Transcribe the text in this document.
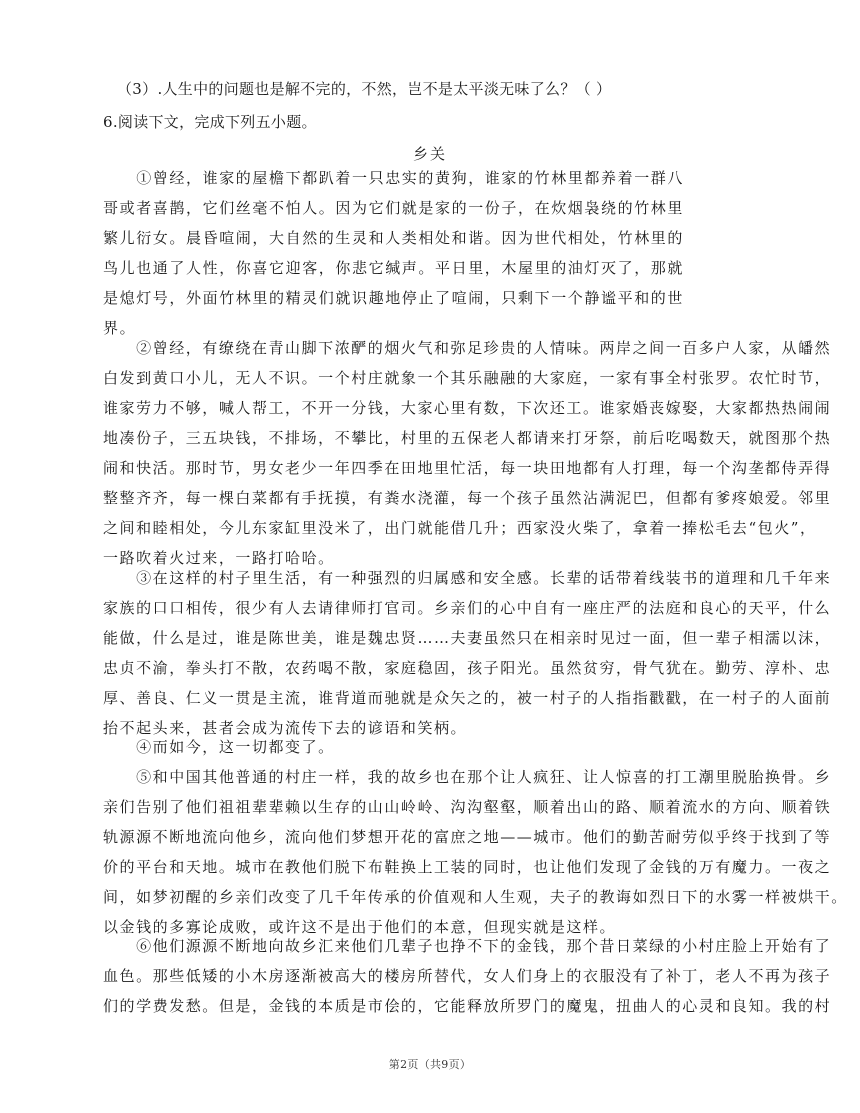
（3）.人生中的问题也是解不完的，不然，岂不是太平淡无味了么？（ ）
6.阅读下文，完成下列五小题。
乡关
　　①曾经，谁家的屋檐下都趴着一只忠实的黄狗，谁家的竹林里都养着一群八
哥或者喜鹊，它们丝毫不怕人。因为它们就是家的一份子，在炊烟袅绕的竹林里
繁儿衍女。晨昏喧闹，大自然的生灵和人类相处和谐。因为世代相处，竹林里的
鸟儿也通了人性，你喜它迎客，你悲它缄声。平日里，木屋里的油灯灭了，那就
是熄灯号，外面竹林里的精灵们就识趣地停止了喧闹，只剩下一个静谧平和的世
界。
　　②曾经，有缭绕在青山脚下浓酽的烟火气和弥足珍贵的人情味。两岸之间一百多户人家，从皤然
白发到黄口小儿，无人不识。一个村庄就象一个其乐融融的大家庭，一家有事全村张罗。农忙时节，
谁家劳力不够，喊人帮工，不开一分钱，大家心里有数，下次还工。谁家婚丧嫁娶，大家都热热闹闹
地凑份子，三五块钱，不排场，不攀比，村里的五保老人都请来打牙祭，前后吃喝数天，就图那个热
闹和快活。那时节，男女老少一年四季在田地里忙活，每一块田地都有人打理，每一个沟垄都侍弄得
整整齐齐，每一棵白菜都有手抚摸，有粪水浇灌，每一个孩子虽然沾满泥巴，但都有爹疼娘爱。邻里
之间和睦相处，今儿东家缸里没米了，出门就能借几升；西家没火柴了，拿着一捧松毛去“包火”，
一路吹着火过来，一路打哈哈。
　　③在这样的村子里生活，有一种强烈的归属感和安全感。长辈的话带着线装书的道理和几千年来
家族的口口相传，很少有人去请律师打官司。乡亲们的心中自有一座庄严的法庭和良心的天平，什么
能做，什么是过，谁是陈世美，谁是魏忠贤……夫妻虽然只在相亲时见过一面，但一辈子相濡以沫，
忠贞不渝，拳头打不散，农药喝不散，家庭稳固，孩子阳光。虽然贫穷，骨气犹在。勤劳、淳朴、忠
厚、善良、仁义一贯是主流，谁背道而驰就是众矢之的，被一村子的人指指戳戳，在一村子的人面前
抬不起头来，甚者会成为流传下去的谚语和笑柄。
　　④而如今，这一切都变了。
　　⑤和中国其他普通的村庄一样，我的故乡也在那个让人疯狂、让人惊喜的打工潮里脱胎换骨。乡
亲们告别了他们祖祖辈辈赖以生存的山山岭岭、沟沟壑壑，顺着出山的路、顺着流水的方向、顺着铁
轨源源不断地流向他乡，流向他们梦想开花的富庶之地——城市。他们的勤苦耐劳似乎终于找到了等
价的平台和天地。城市在教他们脱下布鞋换上工装的同时，也让他们发现了金钱的万有魔力。一夜之
间，如梦初醒的乡亲们改变了几千年传承的价值观和人生观，夫子的教诲如烈日下的水雾一样被烘干。
以金钱的多寡论成败，或许这不是出于他们的本意，但现实就是这样。
　　⑥他们源源不断地向故乡汇来他们几辈子也挣不下的金钱，那个昔日菜绿的小村庄脸上开始有了
血色。那些低矮的小木房逐渐被高大的楼房所替代，女人们身上的衣服没有了补丁，老人不再为孩子
们的学费发愁。但是，金钱的本质是市侩的，它能释放所罗门的魔鬼，扭曲人的心灵和良知。我的村
第2页（共9页）
